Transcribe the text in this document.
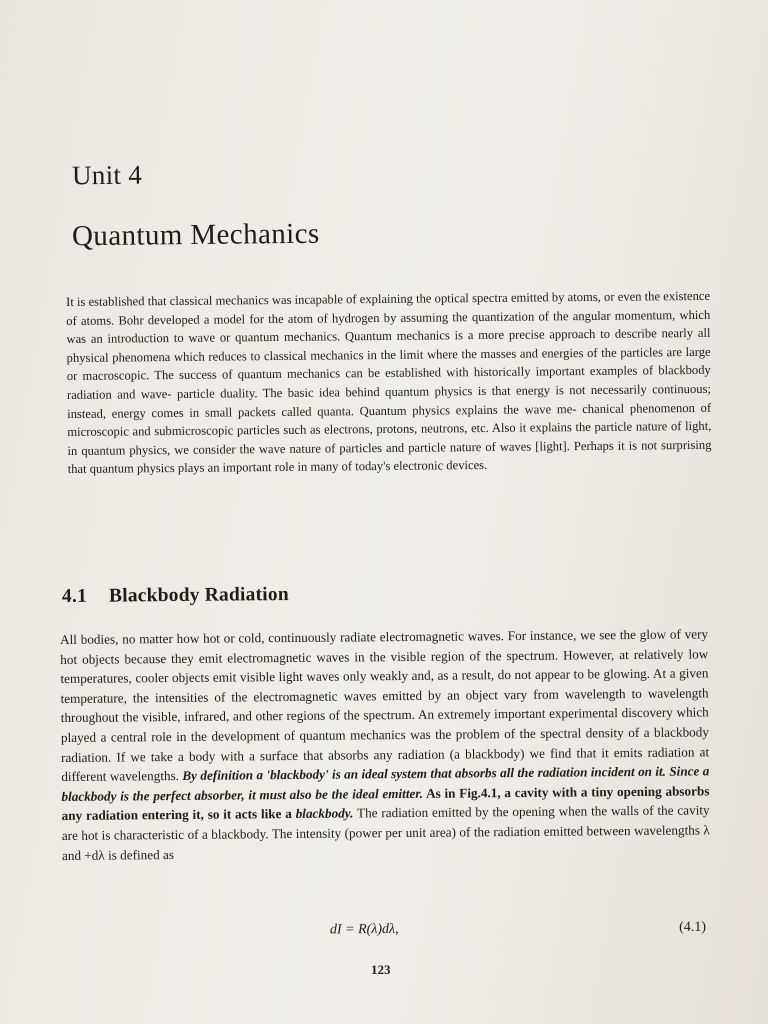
Unit 4
Quantum Mechanics

It is established that classical mechanics was incapable of explaining the optical spectra emitted by atoms, or even the existence of atoms. Bohr developed a model for the atom of hydrogen by assuming the quantization of the angular momentum, which was an introduction to wave or quantum mechanics. Quantum mechanics is a more precise approach to describe nearly all physical phenomena which reduces to classical mechanics in the limit where the masses and energies of the particles are large or macroscopic. The success of quantum mechanics can be established with historically important examples of blackbody radiation and wave- particle duality. The basic idea behind quantum physics is that energy is not necessarily continuous; instead, energy comes in small packets called quanta. Quantum physics explains the wave me- chanical phenomenon of microscopic and submicroscopic particles such as electrons, protons, neutrons, etc. Also it explains the particle nature of light, in quantum physics, we consider the wave nature of particles and particle nature of waves [light]. Perhaps it is not surprising that quantum physics plays an important role in many of today's electronic devices.

4.1 Blackbody Radiation

All bodies, no matter how hot or cold, continuously radiate electromagnetic waves. For instance, we see the glow of very hot objects because they emit electromagnetic waves in the visible region of the spectrum. However, at relatively low temperatures, cooler objects emit visible light waves only weakly and, as a result, do not appear to be glowing. At a given temperature, the intensities of the electromagnetic waves emitted by an object vary from wavelength to wavelength throughout the visible, infrared, and other regions of the spectrum. An extremely important experimental discovery which played a central role in the development of quantum mechanics was the problem of the spectral density of a blackbody radiation. If we take a body with a surface that absorbs any radiation (a blackbody) we find that it emits radiation at different wavelengths. By definition a 'blackbody' is an ideal system that absorbs all the radiation incident on it. Since a blackbody is the perfect absorber, it must also be the ideal emitter. As in Fig.4.1, a cavity with a tiny opening absorbs any radiation entering it, so it acts like a blackbody. The radiation emitted by the opening when the walls of the cavity are hot is characteristic of a blackbody. The intensity (power per unit area) of the radiation emitted between wavelengths λ and +dλ is defined as

dI = R(λ)dλ,	(4.1)
123
